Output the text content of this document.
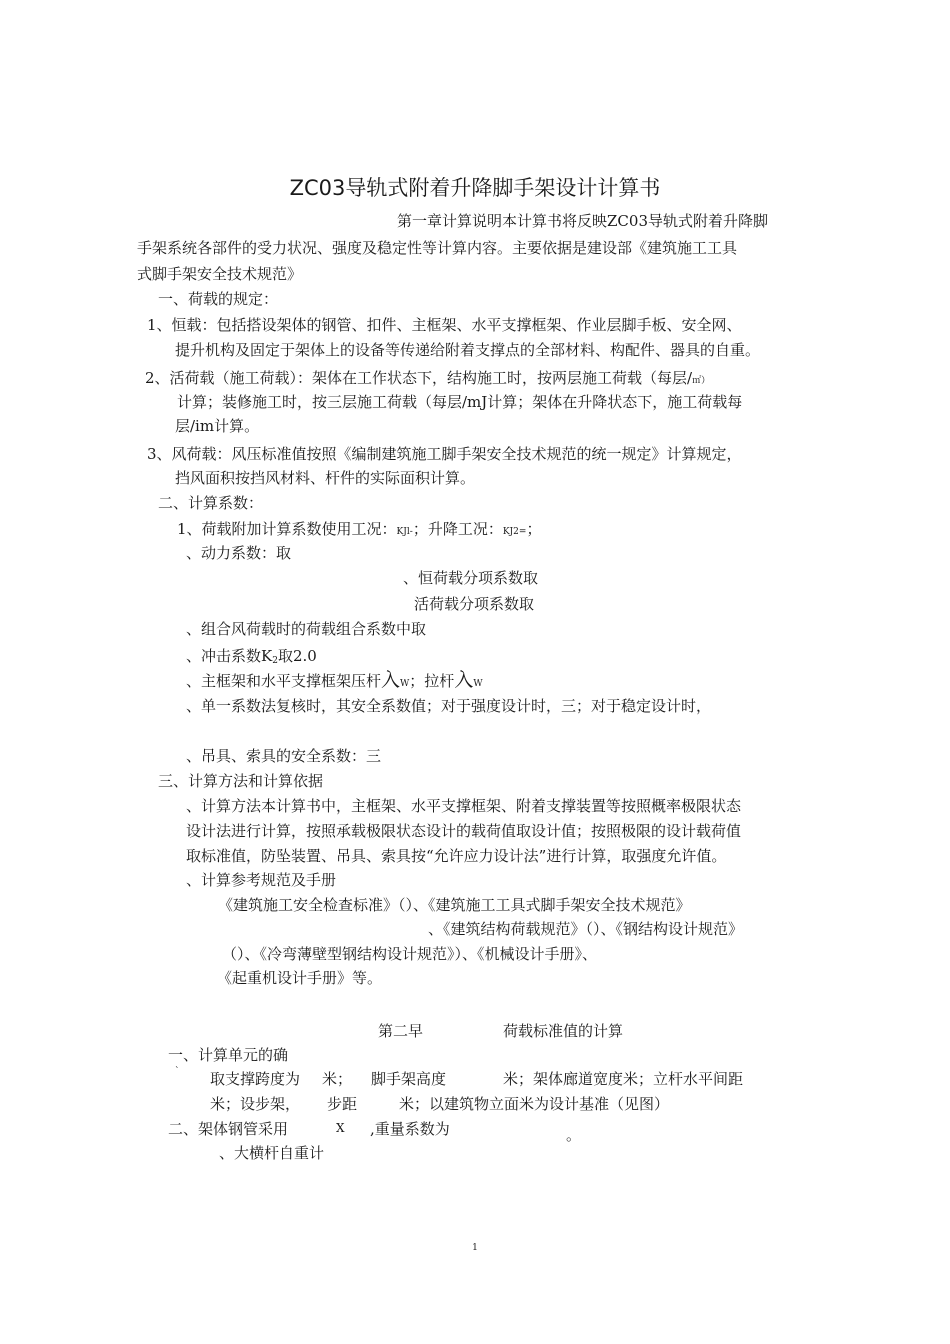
ZC03导轨式附着升降脚手架设计计算书
第一章计算说明本计算书将反映ZC03导轨式附着升降脚
手架系统各部件的受力状况、强度及稳定性等计算内容。主要依据是建设部《建筑施工工具
式脚手架安全技术规范》
一、荷载的规定：
1、恒载：包括搭设架体的钢管、扣件、主框架、水平支撑框架、作业层脚手板、安全网、
提升机构及固定于架体上的设备等传递给附着支撑点的全部材料、构配件、器具的自重。
2、活荷载（施工荷载）：架体在工作状态下，结构施工时，按两层施工荷载（每层/㎡）
计算；装修施工时，按三层施工荷载（每层/mJ计算；架体在升降状态下，施工荷载每
层/im计算。
3、风荷载：风压标准值按照《编制建筑施工脚手架安全技术规范的统一规定》计算规定，
挡风面积按挡风材料、杆件的实际面积计算。
二、计算系数：
1、荷载附加计算系数使用工况：KJl-；升降工况：KJ2=；
、动力系数：取
、恒荷载分项系数取
活荷载分项系数取
、组合风荷载时的荷载组合系数中取
、冲击系数$K_2$取2.0
、主框架和水平支撑框架压杆入W；拉杆入W
、单一系数法复核时，其安全系数值；对于强度设计时，三；对于稳定设计时，
、吊具、索具的安全系数：三
三、计算方法和计算依据
、计算方法本计算书中，主框架、水平支撑框架、附着支撑装置等按照概率极限状态
设计法进行计算，按照承载极限状态设计的载荷值取设计值；按照极限的设计载荷值
取标准值，防坠装置、吊具、索具按“允许应力设计法”进行计算，取强度允许值。
、计算参考规范及手册
《建筑施工安全检查标准》（）、《建筑施工工具式脚手架安全技术规范》
、《建筑结构荷载规范》（）、《钢结构设计规范》
（）、《冷弯薄壁型钢结构设计规范》）、《机械设计手册》、
《起重机设计手册》等。
第二早	荷载标准值的计算
一、计算单元的确
` 取支撑跨度为 米； 脚手架高度	米；架体廊道宽度米；立杆水平间距
米；设步架， 步距	米；以建筑物立面米为设计基准（见图）
二、架体钢管采用	X ,重量系数为	。
、大横杆自重计
1
